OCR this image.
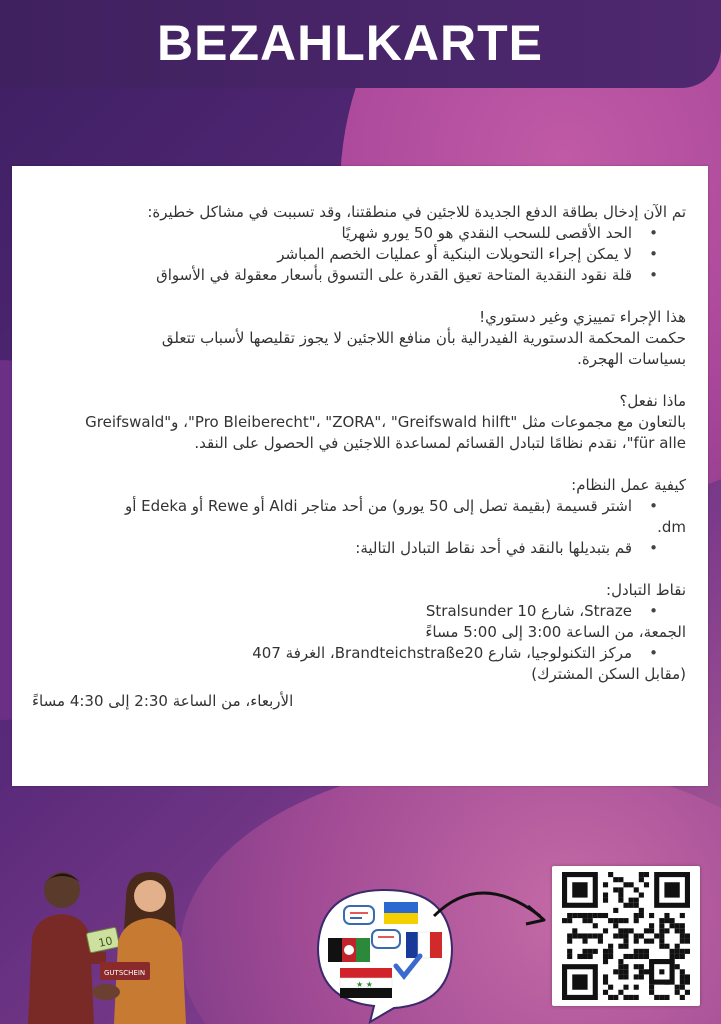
BEZAHLKARTE
تم الآن إدخال بطاقة الدفع الجديدة للاجئين في منطقتنا، وقد تسببت في مشاكل خطيرة:
• الحد الأقصى للسحب النقدي هو 50 يورو شهريًا
• لا يمكن إجراء التحويلات البنكية أو عمليات الخصم المباشر
• قلة نقود النقدية المتاحة تعيق القدرة على التسوق بأسعار معقولة في الأسواق
هذا الإجراء تمييزي وغير دستوري!
حكمت المحكمة الدستورية الفيدرالية بأن منافع اللاجئين لا يجوز تقليصها لأسباب تتعلق
بسياسات الهجرة.
ماذا نفعل؟
بالتعاون مع مجموعات مثل "Pro Bleiberecht"، "ZORA"، "Greifswald hilft"، و"Greifswald
für alle"، نقدم نظامًا لتبادل القسائم لمساعدة اللاجئين في الحصول على النقد.
كيفية عمل النظام:
• اشتر قسيمة (بقيمة تصل إلى 50 يورو) من أحد متاجر Aldi أو Rewe أو Edeka أو
dm.
• قم بتبديلها بالنقد في أحد نقاط التبادل التالية:
نقاط التبادل:
• Straze، شارع Stralsunder 10
الجمعة، من الساعة 3:00 إلى 5:00 مساءً
• مركز التكنولوجيا، شارع Brandteichstraße20، الغرفة 407
(مقابل السكن المشترك)
الأربعاء، من الساعة 2:30 إلى 4:30 مساءً
10
GUTSCHEIN
★ ★
